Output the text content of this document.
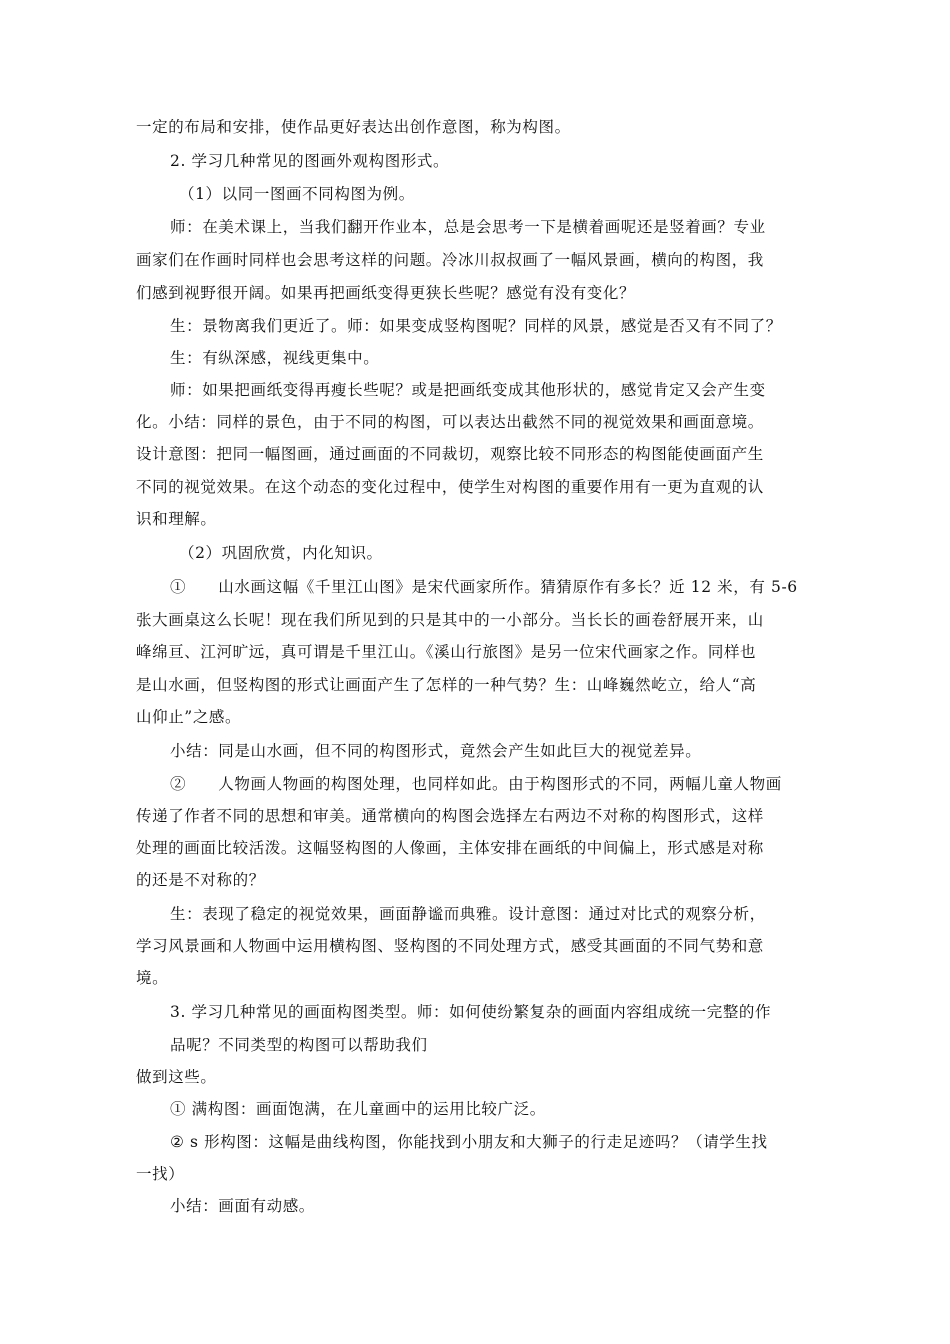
一定的布局和安排，使作品更好表达出创作意图，称为构图。
2. 学习几种常见的图画外观构图形式。
（1）以同一图画不同构图为例。
师：在美术课上，当我们翻开作业本，总是会思考一下是横着画呢还是竖着画？专业
画家们在作画时同样也会思考这样的问题。冷冰川叔叔画了一幅风景画，横向的构图，我
们感到视野很开阔。如果再把画纸变得更狭长些呢？感觉有没有变化？
生：景物离我们更近了。师：如果变成竖构图呢？同样的风景，感觉是否又有不同了？
生：有纵深感，视线更集中。
师：如果把画纸变得再瘦长些呢？或是把画纸变成其他形状的，感觉肯定又会产生变
化。小结：同样的景色，由于不同的构图，可以表达出截然不同的视觉效果和画面意境。
设计意图：把同一幅图画，通过画面的不同裁切，观察比较不同形态的构图能使画面产生
不同的视觉效果。在这个动态的变化过程中，使学生对构图的重要作用有一更为直观的认
识和理解。
（2）巩固欣赏，内化知识。
①　　山水画这幅《千里江山图》是宋代画家所作。猜猜原作有多长？近 12 米，有 5-6
张大画桌这么长呢！现在我们所见到的只是其中的一小部分。当长长的画卷舒展开来，山
峰绵亘、江河旷远，真可谓是千里江山。《溪山行旅图》是另一位宋代画家之作。同样也
是山水画，但竖构图的形式让画面产生了怎样的一种气势？生：山峰巍然屹立，给人“高
山仰止”之感。
小结：同是山水画，但不同的构图形式，竟然会产生如此巨大的视觉差异。
②　　人物画人物画的构图处理，也同样如此。由于构图形式的不同，两幅儿童人物画
传递了作者不同的思想和审美。通常横向的构图会选择左右两边不对称的构图形式，这样
处理的画面比较活泼。这幅竖构图的人像画，主体安排在画纸的中间偏上，形式感是对称
的还是不对称的？
生：表现了稳定的视觉效果，画面静谧而典雅。设计意图：通过对比式的观察分析，
学习风景画和人物画中运用横构图、竖构图的不同处理方式，感受其画面的不同气势和意
境。
3. 学习几种常见的画面构图类型。师：如何使纷繁复杂的画面内容组成统一完整的作
品呢？不同类型的构图可以帮助我们
做到这些。
① 满构图：画面饱满，在儿童画中的运用比较广泛。
② s 形构图：这幅是曲线构图，你能找到小朋友和大狮子的行走足迹吗？（请学生找
一找）
小结：画面有动感。
